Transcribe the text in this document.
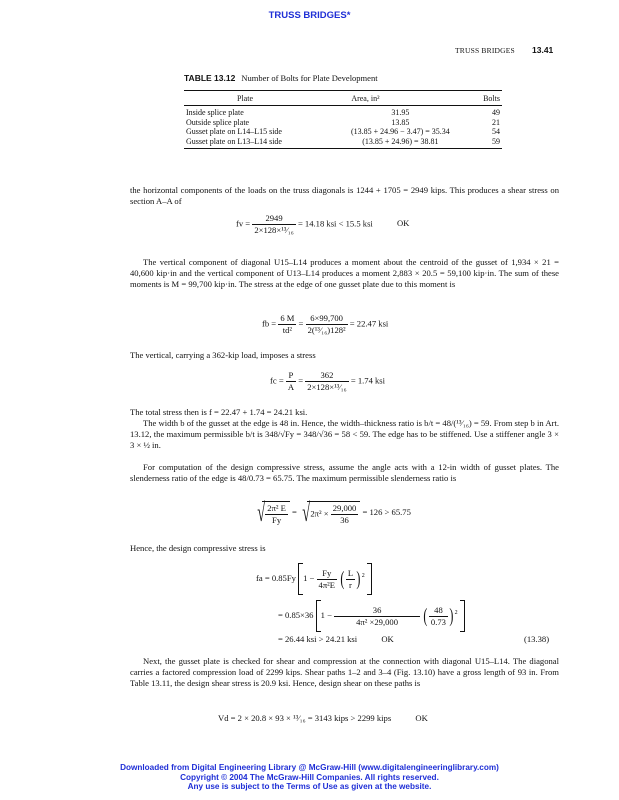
TRUSS BRIDGES*
TRUSS BRIDGES 13.41
TABLE 13.12 Number of Bolts for Plate Development
Plate	Area, in²	Bolts
Inside splice plate	31.95	49
Outside splice plate	13.85	21
Gusset plate on L14–L15 side	(13.85 + 24.96 − 3.47) = 35.34	54
Gusset plate on L13–L14 side	(13.85 + 24.96) = 38.81	59
the horizontal components of the loads on the truss diagonals is 1244 + 1705 = 2949 kips. This produces a shear stress on section A–A of
fv = $\frac{2949}{\text{2×128×¹³⁄₁₆}} = 14.18$ ksi < 15.5 ksi	OK
The vertical component of diagonal U15–L14 produces a moment about the centroid of the gusset of 1,934 × 21 = 40,600 kip·in and the vertical component of U13–L14 produces a moment 2,883 × 20.5 = 59,100 kip·in. The sum of these moments is M = 99,700 kip·in. The stress at the edge of one gusset plate due to this moment is
fb = $\frac{6 M}{\text{td²}} = \frac{6\times 99,700}{\text{2(¹³⁄₁₆)128²}} = 22.47$ ksi
The vertical, carrying a 362-kip load, imposes a stress
fc = $\frac{P}{A} = \frac{362}{\text{2×128×¹³⁄₁₆}} = 1.74$ ksi
The total stress then is f = 22.47 + 1.74 = 24.21 ksi.
The width b of the gusset at the edge is 48 in. Hence, the width–thickness ratio is b/t = 48/(¹³⁄₁₆) = 59. From step b in Art. 13.12, the maximum permissible b/t is 348/√Fy = 348/√36 = 58 < 59. The edge has to be stiffened. Use a stiffener angle 3 × 3 × ½ in.
For computation of the design compressive stress, assume the angle acts with a 12-in width of gusset plates. The slenderness ratio of the edge is 48/0.73 = 65.75. The maximum permissible slenderness ratio is
√ $\frac{\text{2π² E}}{Fy} = √2\pi^2 \times \frac{29,000}{36} = 126 > 65.75$
Hence, the design compressive stress is
fa = 0.85Fy $1 - \frac{Fy}{\text{4π²E}}$ ( $\frac{L}{r} )^2$
= 0.85×36 $1 - \frac{36}{\text{4π² ×29,000}}$ ( $\frac{48}{0.73} )^2$
= 26.44 ksi > 24.21 ksi	OK	(13.38)
Next, the gusset plate is checked for shear and compression at the connection with diagonal U15–L14. The diagonal carries a factored compression load of 2299 kips. Shear paths 1–2 and 3–4 (Fig. 13.10) have a gross length of 93 in. From Table 13.11, the design shear stress is 20.9 ksi. Hence, design shear on these paths is
Vd = 2 × 20.8 × 93 × ¹³⁄₁₆ = 3143 kips > 2299 kips	OK
Downloaded from Digital Engineering Library @ McGraw-Hill (www.digitalengineeringlibrary.com)
Copyright © 2004 The McGraw-Hill Companies. All rights reserved.
Any use is subject to the Terms of Use as given at the website.
